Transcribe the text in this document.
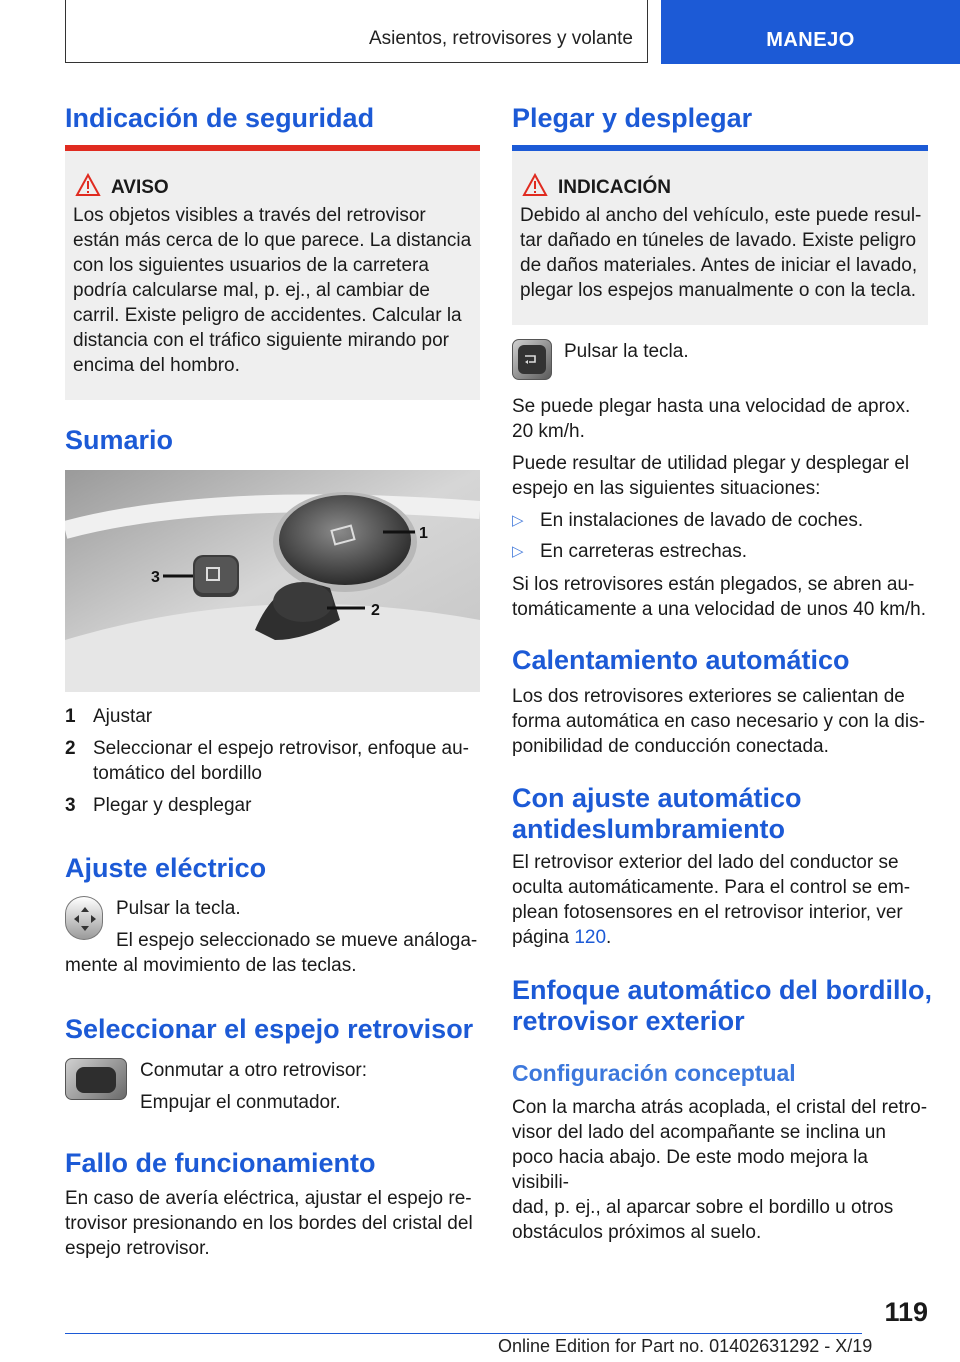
Asientos, retrovisores y volante	MANEJO
Indicación de seguridad
AVISO
Los objetos visibles a través del retrovisor están más cerca de lo que parece. La distancia con los siguientes usuarios de la carretera podría calcularse mal, p. ej., al cambiar de carril. Existe peligro de accidentes. Calcular la distancia con el tráfico siguiente mirando por encima del hombro.
Sumario
1
2
3
1 Ajustar
2 Seleccionar el espejo retrovisor, enfoque au-
tomático del bordillo
3 Plegar y desplegar
Ajuste eléctrico

Pulsar la tecla.

El espejo seleccionado se mueve análoga-

mente al movimiento de las teclas.

Seleccionar el espejo retrovisor

Conmutar a otro retrovisor:

Empujar el conmutador.

Fallo de funcionamiento

En caso de avería eléctrica, ajustar el espejo re-
trovisor presionando en los bordes del cristal del
espejo retrovisor.

Plegar y desplegar
INDICACIÓN
Debido al ancho del vehículo, este puede resul-
tar dañado en túneles de lavado. Existe peligro
de daños materiales. Antes de iniciar el lavado,
plegar los espejos manualmente o con la tecla.

Pulsar la tecla.

Se puede plegar hasta una velocidad de aprox.
20 km/h.

Puede resultar de utilidad plegar y desplegar el
espejo en las siguientes situaciones:

▷ En instalaciones de lavado de coches.
▷ En carreteras estrechas.

Si los retrovisores están plegados, se abren au-
tomáticamente a una velocidad de unos 40 km/h.

Calentamiento automático

Los dos retrovisores exteriores se calientan de
forma automática en caso necesario y con la dis-
ponibilidad de conducción conectada.

Con ajuste automático
antideslumbramiento

El retrovisor exterior del lado del conductor se
oculta automáticamente. Para el control se em-
plean fotosensores en el retrovisor interior, ver
página 120.

Enfoque automático del bordillo,
retrovisor exterior
Configuración conceptual

Con la marcha atrás acoplada, el cristal del retro-
visor del lado del acompañante se inclina un
poco hacia abajo. De este modo mejora la visibili-
dad, p. ej., al aparcar sobre el bordillo u otros
obstáculos próximos al suelo.

119
Online Edition for Part no. 01402631292 - X/19
